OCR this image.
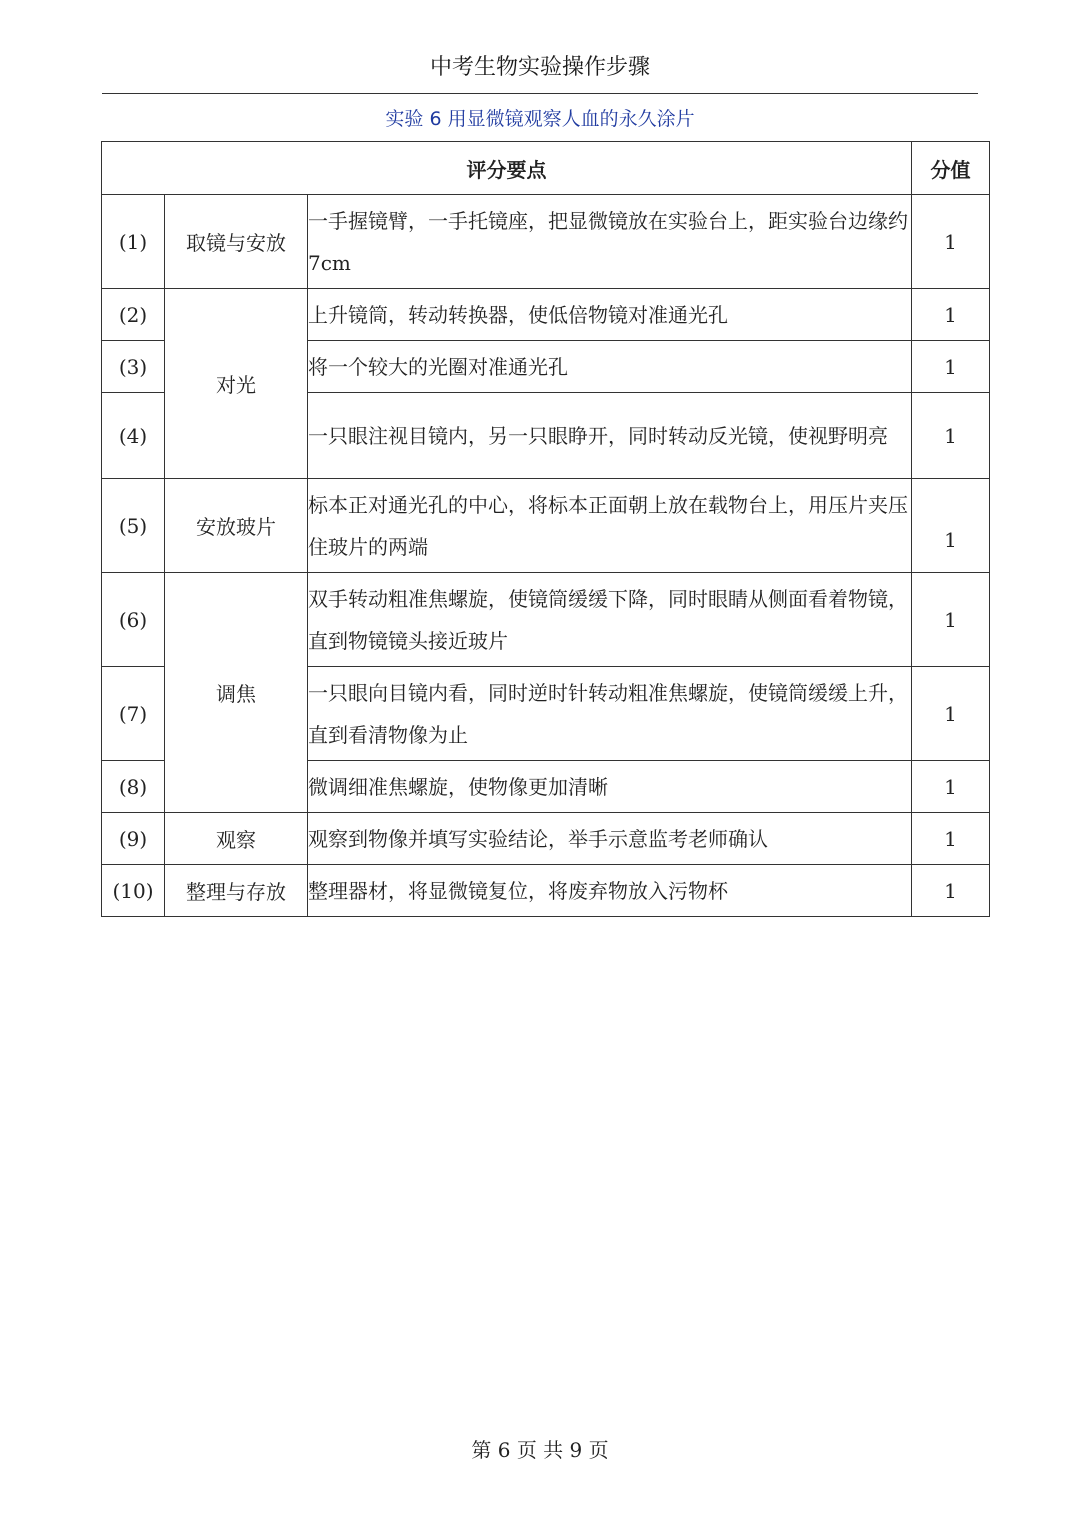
中考生物实验操作步骤
实验 6 用显微镜观察人血的永久涂片
评分要点			分值
(1)	取镜与安放	一手握镜臂，一手托镜座，把显微镜放在实验台上，距实验台边缘约7cm	1
(2)	对光	上升镜筒，转动转换器，使低倍物镜对准通光孔	1
(3)		将一个较大的光圈对准通光孔	1
(4)		一只眼注视目镜内，另一只眼睁开，同时转动反光镜，使视野明亮	1
(5)	安放玻片	标本正对通光孔的中心，将标本正面朝上放在载物台上，用压片夹压住玻片的两端	1
(6)	调焦	双手转动粗准焦螺旋，使镜筒缓缓下降，同时眼睛从侧面看着物镜，直到物镜镜头接近玻片	1
(7)		一只眼向目镜内看，同时逆时针转动粗准焦螺旋，使镜筒缓缓上升，直到看清物像为止	1
(8)		微调细准焦螺旋，使物像更加清晰	1
(9)	观察	观察到物像并填写实验结论，举手示意监考老师确认	1
(10)	整理与存放	整理器材，将显微镜复位，将废弃物放入污物杯	1
第 6 页 共 9 页
